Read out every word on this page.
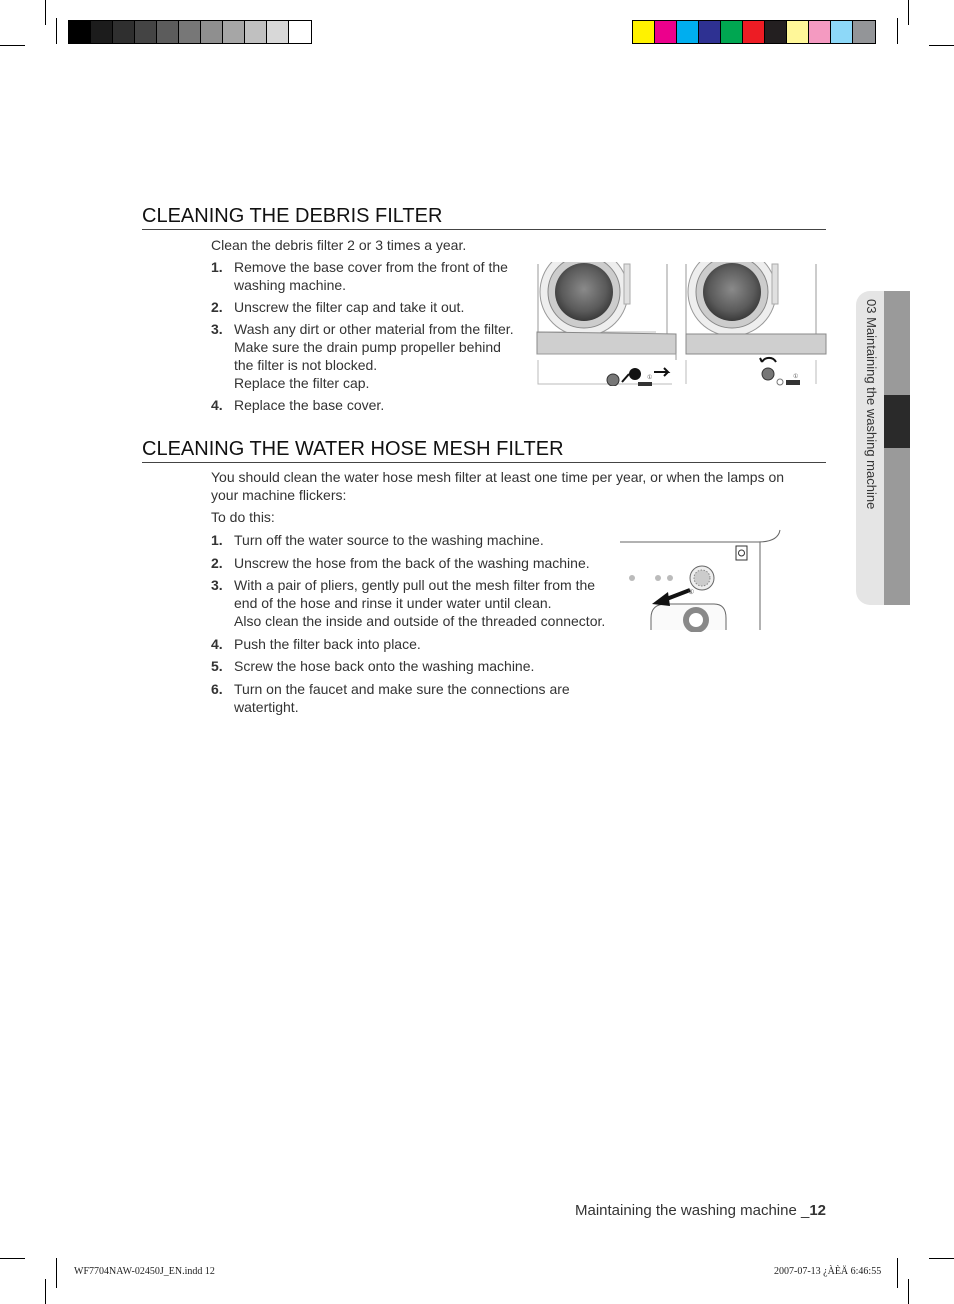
CLEANING THE DEBRIS FILTER

Clean the debris filter 2 or 3 times a year.

1. Remove the base cover from the front of the
washing machine.
2. Unscrew the filter cap and take it out.
3. Wash any dirt or other material from the filter.
Make sure the drain pump propeller behind
the filter is not blocked.
Replace the filter cap.
4. Replace the base cover.
①	①
CLEANING THE WATER HOSE MESH FILTER

You should clean the water hose mesh filter at least one time per year, or when the lamps on

your machine flickers:

To do this:

1. Turn off the water source to the washing machine.
2. Unscrew the hose from the back of the washing machine.
3. With a pair of pliers, gently pull out the mesh filter from the
end of the hose and rinse it under water until clean.
Also clean the inside and outside of the threaded connector.
4. Push the filter back into place.
5. Screw the hose back onto the washing machine.
6. Turn on the faucet and make sure the connections are
watertight.
①
03 Maintaining the washing machine
Maintaining the washing machine _12
WF7704NAW-02450J_EN.indd 12	2007-07-13 ¿ÀÈÄ 6:46:55
